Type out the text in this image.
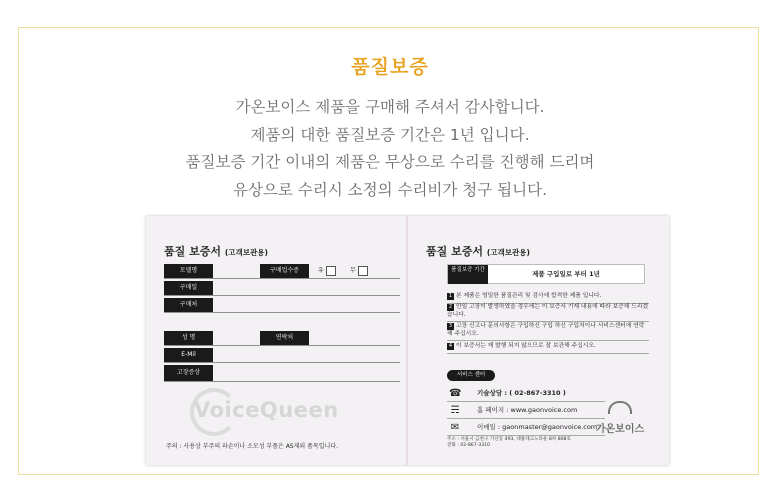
품질보증
가온보이스 제품을 구매해 주셔서 감사합니다.
제품의 대한 품질보증 기간은 1년 입니다.
품질보증 기간 이내의 제품은 무상으로 수리를 진행해 드리며
유상으로 수리시 소정의 수리비가 청구 됩니다.
품질 보증서 (고객보관용)
모델명	구매업수증	유	무
구매일
구매처
성 명	연락처
E-Mil
고장증상
VoiceQueen
주의 : 사용상 부주의 파손이나 소모성 부품은 AS제외 품목입니다.
품질 보증서 (고객보관용)
품질보증 기간	제품 구입일로 부터 1년
1 본 제품은 엄밀한 품질관리 및 검사에 합격한 제품 입니다.
2 만일 고장이 발생하였을 경우에는 이 보증서 기재 내용에 따라 보증해 드리겠습니다.
3 고장 신고나 문의사항은 구입하신 구입 하신 구입처이나 서비스센터에 연락해 주십시오.
4 이 보증서는 재 발행 되지 않으므로 잘 보관해 주십시오.
서비스 센터
☎ 기술상담 : ( 02-867-3310 )
☴	홈 페이지 : www.gaonvoice.com
✉	이메일 : gaonmaster@gaonvoice.com
주소 : 서울시 금천구 가산동 493, 대륭테크노타운 8차 808호
전화 : 02-867-3310
가온보이스
